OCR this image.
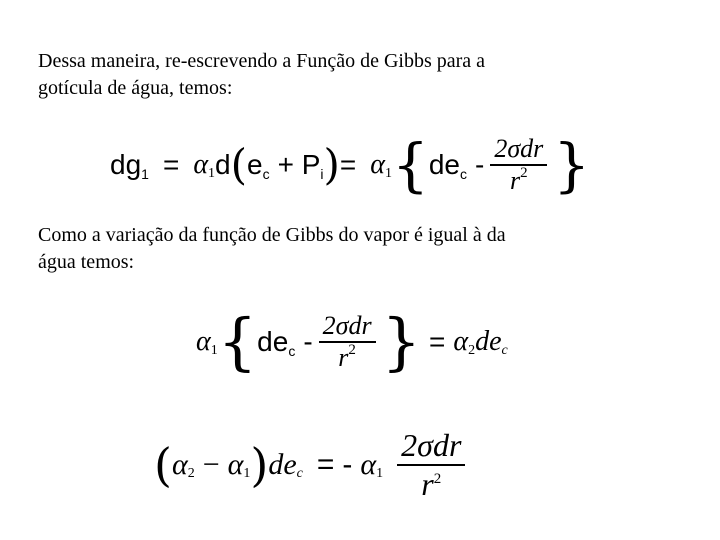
Dessa maneira, re-escrevendo a Função de Gibbs para a
gotícula de água, temos:

dg 1 = α 1 d ( e c + P i ) = α 1 { de c - $\frac{\text{2σdr}}{r^2}$ }

Como a variação da função de Gibbs do vapor é igual à da
água temos:

α 1 { de c - $\frac{\text{2σdr}}{r^2}$ } = α 2 de c
( α 2 − α 1 ) de c = - α $1 \frac{\text{2σdr}}{r^2}$
